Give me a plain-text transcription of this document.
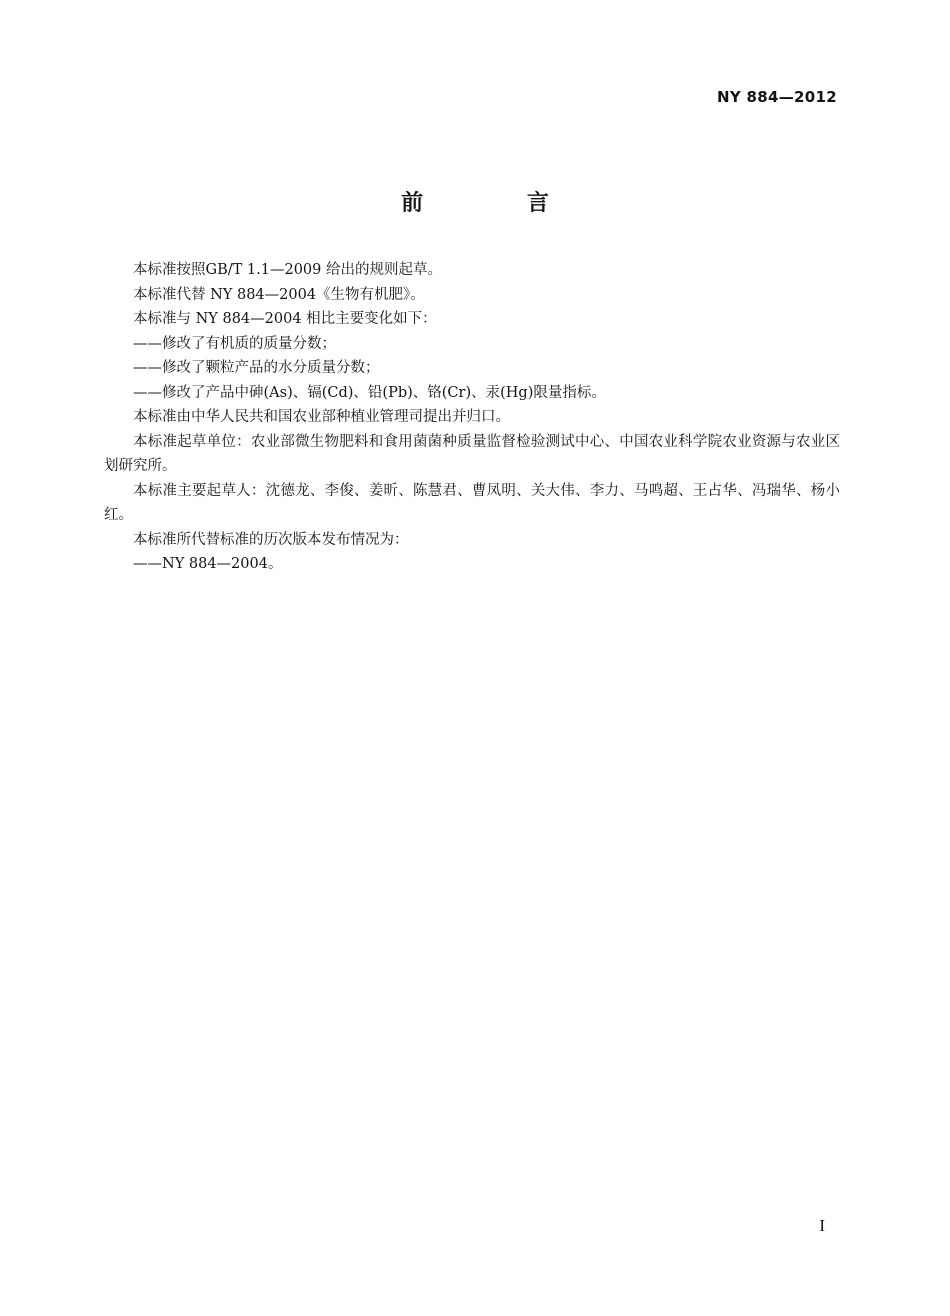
NY 884—2012
前 言

本标准按照GB/T 1.1—2009 给出的规则起草。

本标准代替 NY 884—2004《生物有机肥》。

本标准与 NY 884—2004 相比主要变化如下：

——修改了有机质的质量分数；

——修改了颗粒产品的水分质量分数；

——修改了产品中砷(As)、镉(Cd)、铅(Pb)、铬(Cr)、汞(Hg)限量指标。

本标准由中华人民共和国农业部种植业管理司提出并归口。

本标准起草单位：农业部微生物肥料和食用菌菌种质量监督检验测试中心、中国农业科学院农业资源与农业区划研究所。

本标准主要起草人：沈德龙、李俊、姜昕、陈慧君、曹凤明、关大伟、李力、马鸣超、王占华、冯瑞华、杨小红。

本标准所代替标准的历次版本发布情况为：

——NY 884—2004。

I
